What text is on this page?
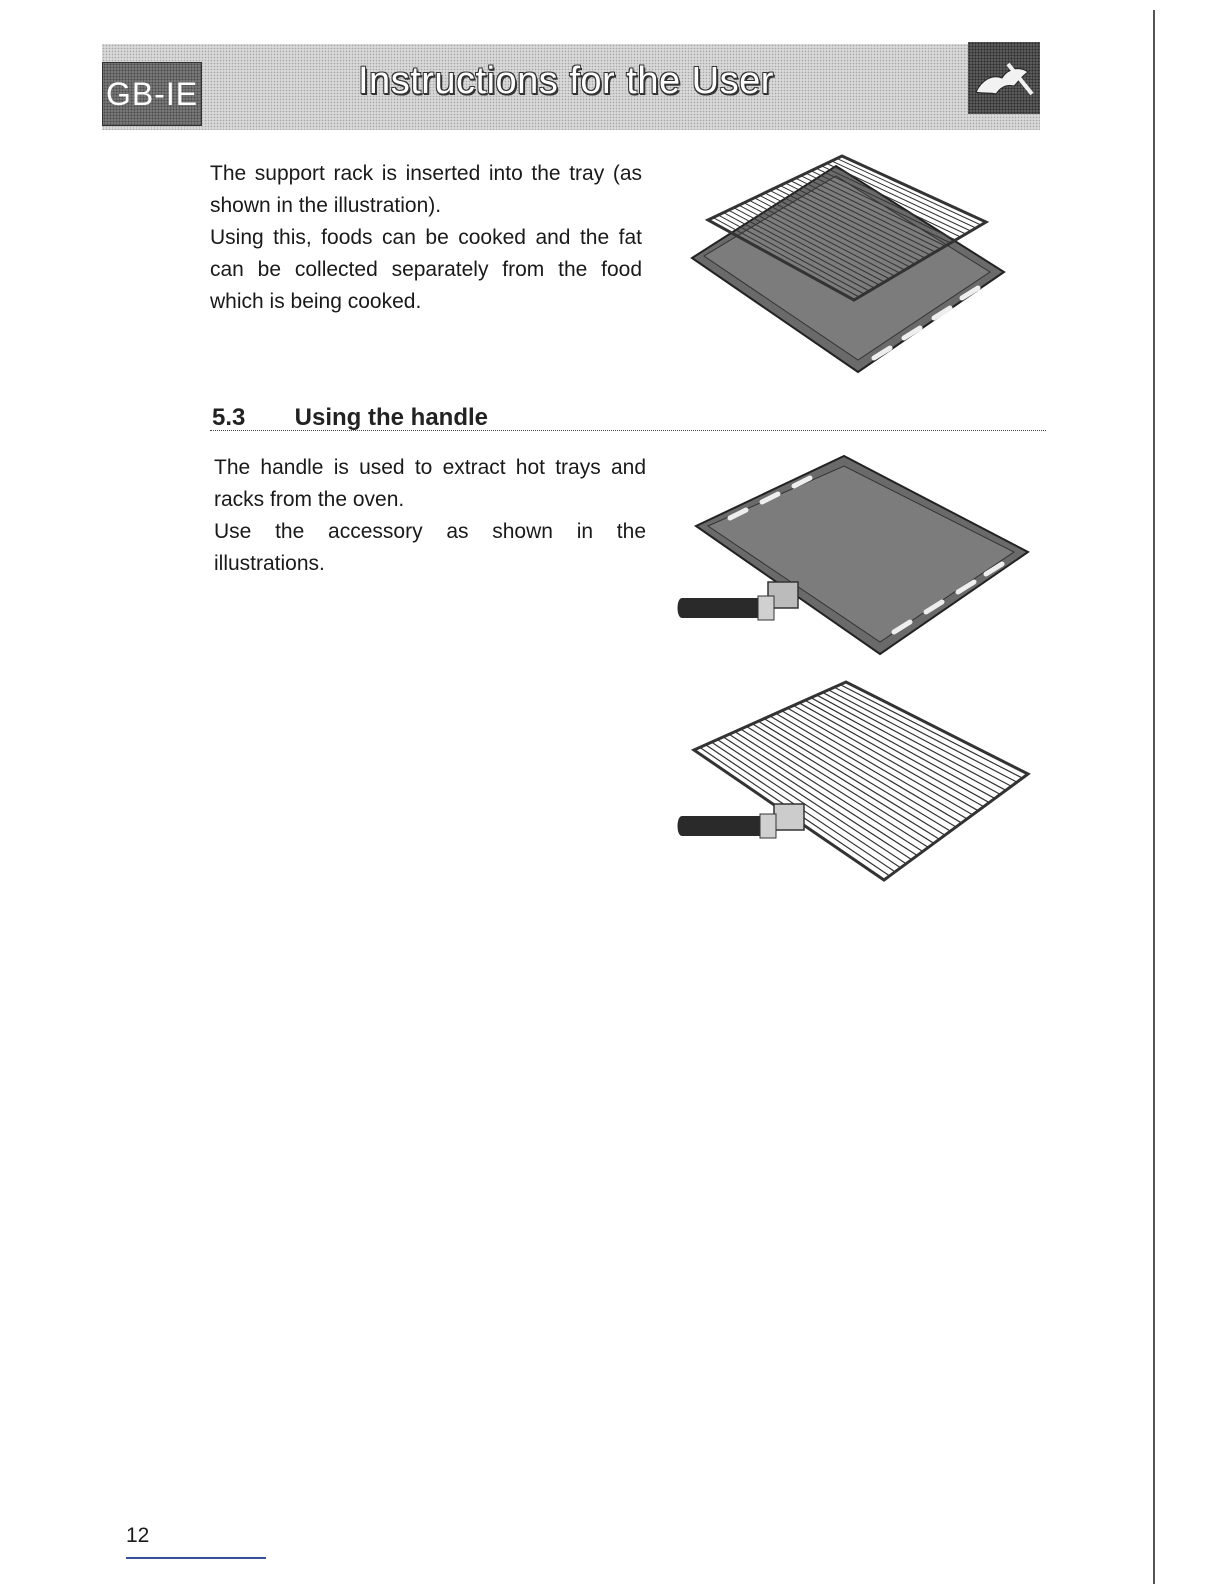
GB-IE	Instructions for the User

The support rack is inserted into the tray (as shown in the illustration).

Using this, foods can be cooked and the fat can be collected separately from the food which is being cooked.

5.3 Using the handle

The handle is used to extract hot trays and racks from the oven.

Use the accessory as shown in the illustrations.

12
